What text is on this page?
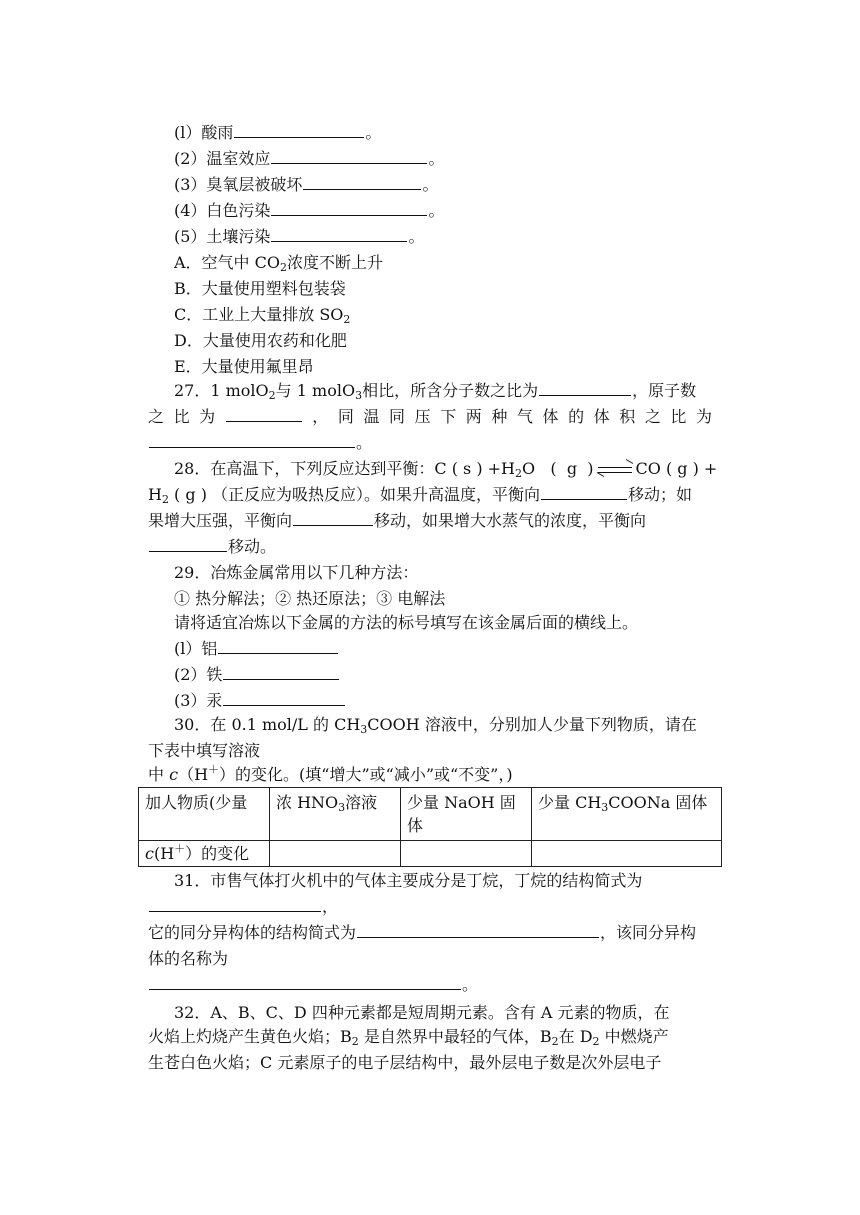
(l）酸雨	。
(2）温室效应	。
(3）臭氧层被破坏	。
(4）白色污染	。
(5）土壤污染	。
A．空气中 $CO_2$浓度不断上升
B．大量使用塑料包装袋
C．工业上大量排放 $SO_2$
D．大量使用农药和化肥
E．大量使用氟里昂
27．1 molO$_2$与 1 molO$_3$相比，所含分子数之比为	，原子数
之 比 为	， 同 温 同 压 下 两 种 气 体 的 体 积 之 比 为
。
28．在高温下，下列反应达到平衡：C ( s ) $+H_2O$ ( g ) ⇌ CO ( g ) +
$H_2$ ( g ) （正反应为吸热反应）。如果升高温度，平衡向	移动；如
果增大压强，平衡向	移动，如果增大水蒸气的浓度，平衡向
移动。
29．冶炼金属常用以下几种方法：
① 热分解法；② 热还原法；③ 电解法
请将适宜冶炼以下金属的方法的标号填写在该金属后面的横线上。
(l）铝
(2）铁
(3）汞
30．在 0.1 mol/L 的 $CH_3COOH$ 溶液中，分别加人少量下列物质，请在
下表中填写溶液
中 c（H＋）的变化。(填“增大”或“减小”或“不变”，)
加人物质(少量	浓 $HNO_3$溶液	少量 NaOH 固体	少量 $CH_3COONa$ 固体
c(H＋）的变化			
31．市售气体打火机中的气体主要成分是丁烷，丁烷的结构简式为
，
它的同分异构体的结构简式为	，该同分异构
体的名称为
。
32．A、B、C、D 四种元素都是短周期元素。含有 A 元素的物质，在
火焰上灼烧产生黄色火焰；$B_2$ 是自然界中最轻的气体，$B_2$在 $D_2$ 中燃烧产
生苍白色火焰；C 元素原子的电子层结构中，最外层电子数是次外层电子
